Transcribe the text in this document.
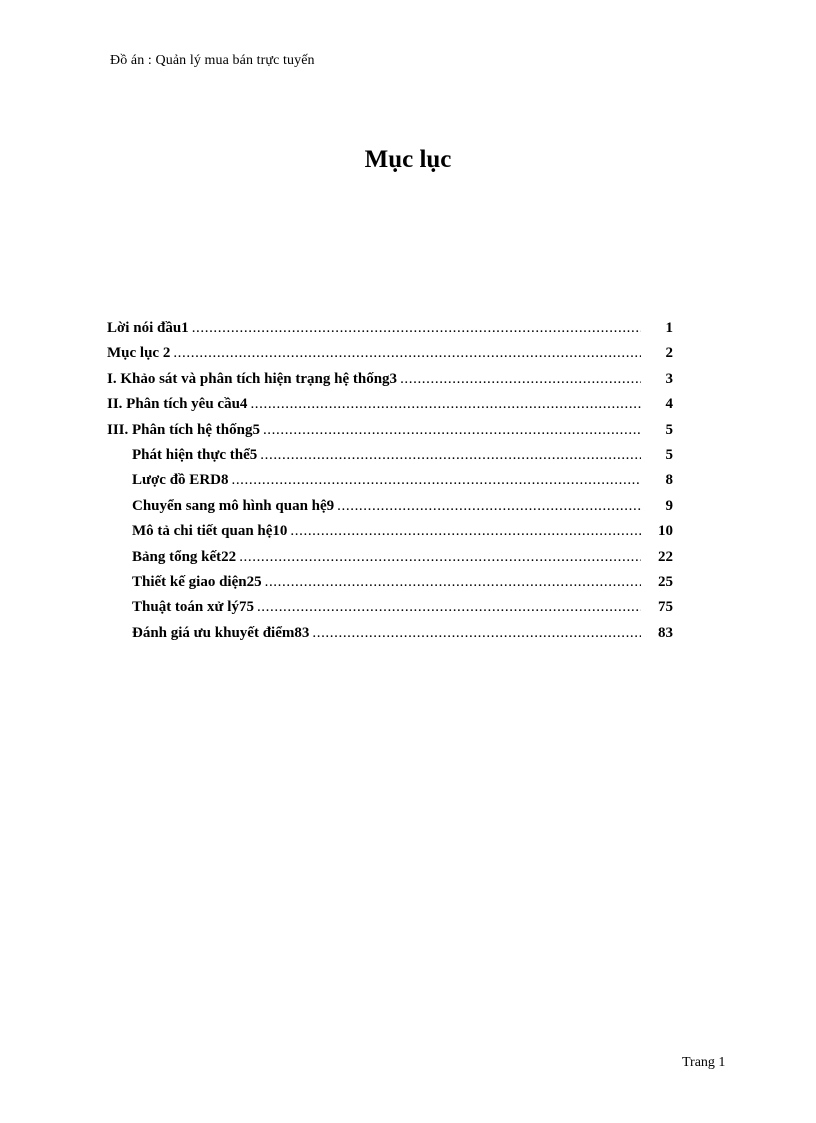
Đồ án : Quản lý mua bán trực tuyến
Mục lục
Lời nói đầu1 .....	1
Mục lục 2 .....	2
I. Khảo sát và phân tích hiện trạng hệ thống3 .....	3
II. Phân tích yêu cầu4 .....	4
III. Phân tích hệ thống5 .....	5
Phát hiện thực thể5 .....	5
Lược đồ ERD8 .....	8
Chuyển sang mô hình quan hệ9 .....	9
Mô tả chi tiết quan hệ10 .....	10
Bảng tổng kết22 .....	22
Thiết kế giao diện25 .....	25
Thuật toán xử lý75 .....	75
Đánh giá ưu khuyết điểm83 .....	83
Trang 1
